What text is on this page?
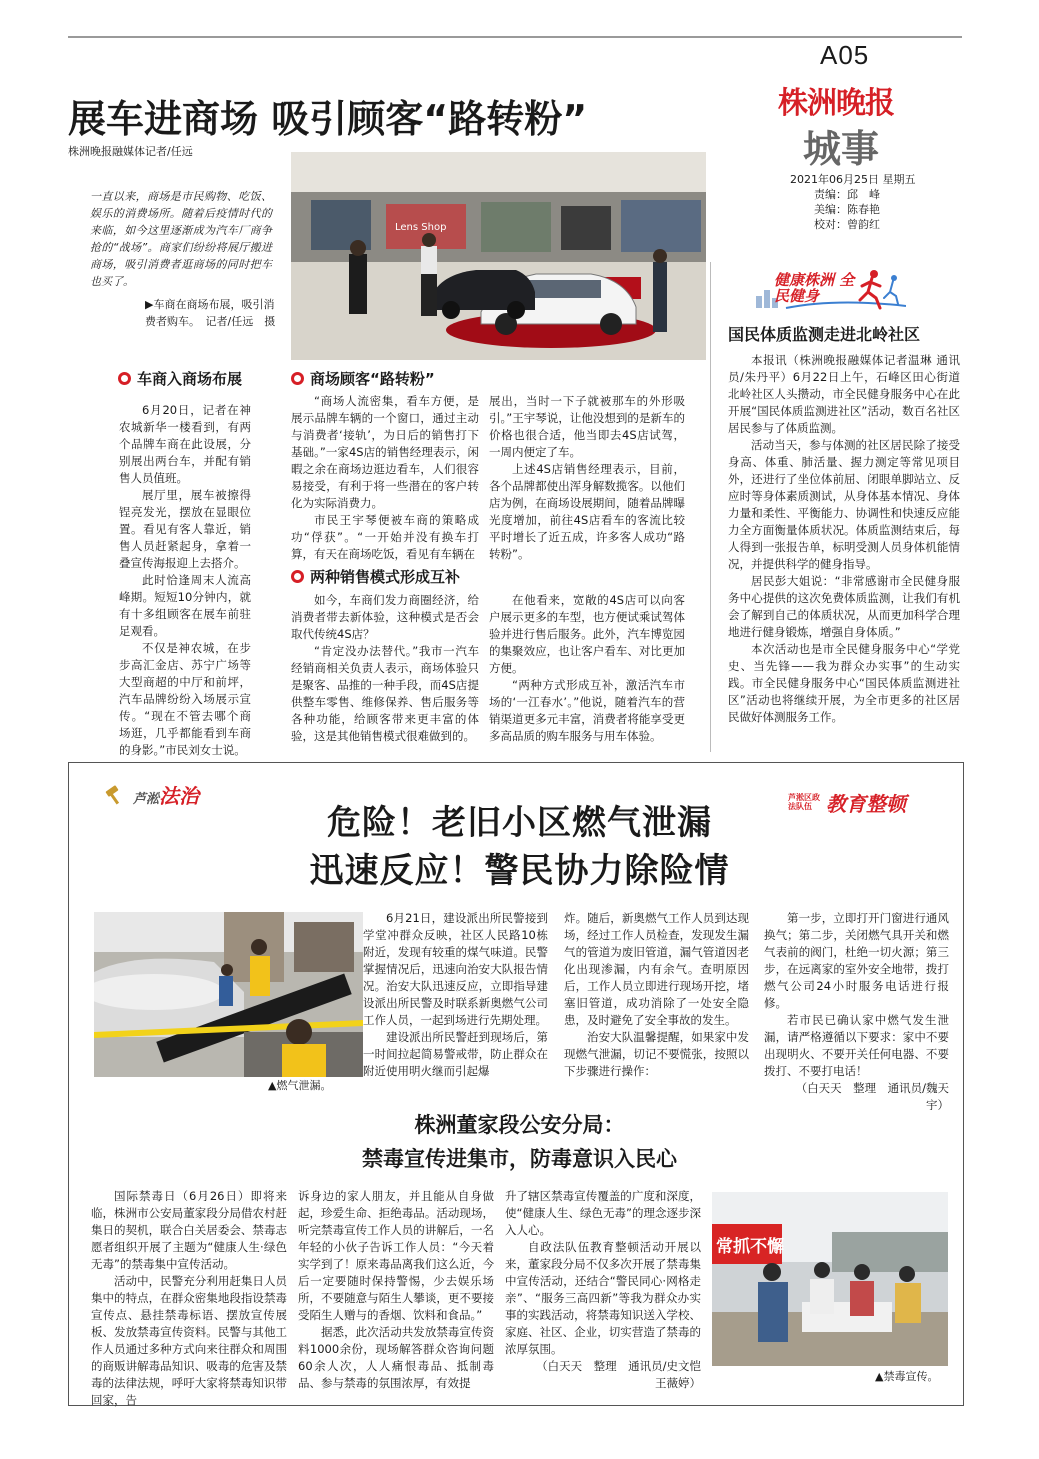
A05
株洲晚报
城事
2021年06月25日 星期五
责编：邱　峰
美编：陈春艳
校对：曾韵红
展车进商场 吸引顾客“路转粉”
株洲晚报融媒体记者/任远
一直以来，商场是市民购物、吃饭、娱乐的消费场所。随着后疫情时代的来临，如今这里逐渐成为汽车厂商争抢的“战场”。商家们纷纷将展厅搬进商场，吸引消费者逛商场的同时把车也买了。
Lens Shop
▶车商在商场布展，吸引消费者购车。　记者/任远　摄
车商入商场布展

6月20日，记者在神农城新华一楼看到，有两个品牌车商在此设展，分别展出两台车，并配有销售人员值班。

展厅里，展车被擦得锃亮发光，摆放在显眼位置。看见有客人靠近，销售人员赶紧起身，拿着一叠宣传海报迎上去搭介。

此时恰逢周末人流高峰期。短短10分钟内，就有十多组顾客在展车前驻足观看。

不仅是神农城，在步步高汇金店、苏宁广场等大型商超的中厅和前坪，汽车品牌纷纷入场展示宣传。“现在不管去哪个商场逛，几乎都能看到车商的身影。”市民刘女士说。

商场顾客“路转粉”

“商场人流密集，看车方便，是展示品牌车辆的一个窗口，通过主动与消费者‘接轨’，为日后的销售打下基础。”一家4S店的销售经理表示，闲暇之余在商场边逛边看车，人们很容易接受，有利于将一些潜在的客户转化为实际消费力。

市民王宇琴便被车商的策略成功“俘获”。“一开始并没有换车打算，有天在商场吃饭，看见有车辆在

展出，当时一下子就被那车的外形吸引。”王宇琴说，让他没想到的是新车的价格也很合适，他当即去4S店试驾，一周内便定了车。

上述4S店销售经理表示，目前，各个品牌都使出浑身解数揽客。以他们店为例，在商场设展期间，随着品牌曝光度增加，前往4S店看车的客流比较平时增长了近五成，许多客人成功“路转粉”。

两种销售模式形成互补

如今，车商们发力商圈经济，给消费者带去新体验，这种模式是否会取代传统4S店？

“肯定没办法替代。”我市一汽车经销商相关负责人表示，商场体验只是聚客、品推的一种手段，而4S店提供整车零售、维修保养、售后服务等各种功能，给顾客带来更丰富的体验，这是其他销售模式很难做到的。

在他看来，宽敞的4S店可以向客户展示更多的车型，也方便试乘试驾体验并进行售后服务。此外，汽车博览园的集聚效应，也让客户看车、对比更加方便。

“两种方式形成互补，激活汽车市场的‘一江春水’。”他说，随着汽车的营销渠道更多元丰富，消费者将能享受更多高品质的购车服务与用车体验。

健康株洲 全民健身
国民体质监测走进北岭社区

本报讯（株洲晚报融媒体记者温琳 通讯员/朱丹平）6月22日上午，石峰区田心街道北岭社区人头攒动，市全民健身服务中心在此开展“国民体质监测进社区”活动，数百名社区居民参与了体质监测。

活动当天，参与体测的社区居民除了接受身高、体重、肺活量、握力测定等常见项目外，还进行了坐位体前屈、闭眼单脚站立、反应时等身体素质测试，从身体基本情况、身体力量和柔性、平衡能力、协调性和快速反应能力全方面衡量体质状况。体质监测结束后，每人得到一张报告单，标明受测人员身体机能情况，并提供科学的健身指导。

居民彭大姐说：“非常感谢市全民健身服务中心提供的这次免费体质监测，让我们有机会了解到自己的体质状况，从而更加科学合理地进行健身锻炼，增强自身体质。”

本次活动也是市全民健身服务中心“学党史、当先锋——我为群众办实事”的生动实践。市全民健身服务中心“国民体质监测进社区”活动也将继续开展，为全市更多的社区居民做好体测服务工作。

芦淞法治	芦淞区政法队伍 教育整顿
危险！老旧小区燃气泄漏
迅速反应！警民协力除险情
▲燃气泄漏。

6月21日，建设派出所民警接到学堂冲群众反映，社区人民路10栋附近，发现有较重的煤气味道。民警掌握情况后，迅速向治安大队报告情况。治安大队迅速反应，立即指导建设派出所民警及时联系新奥燃气公司工作人员，一起到场进行先期处理。

建设派出所民警赶到现场后，第一时间拉起简易警戒带，防止群众在附近使用明火继而引起爆

炸。随后，新奥燃气工作人员到达现场，经过工作人员检查，发现发生漏气的管道为废旧管道，漏气管道因老化出现渗漏，内有余气。查明原因后，工作人员立即进行现场开挖，堵塞旧管道，成功消除了一处安全隐患，及时避免了安全事故的发生。

治安大队温馨提醒，如果家中发现燃气泄漏，切记不要慌张，按照以下步骤进行操作：

第一步，立即打开门窗进行通风换气；第二步，关闭燃气具开关和燃气表前的阀门，杜绝一切火源；第三步，在远离家的室外安全地带，拨打燃气公司24小时服务电话进行报修。

若市民已确认家中燃气发生泄漏，请严格遵循以下要求：家中不要出现明火、不要开关任何电器、不要拨打、不要打电话！

（白天天　整理　通讯员/魏天宇）

株洲董家段公安分局：
禁毒宣传进集市，防毒意识入民心

国际禁毒日（6月26日）即将来临，株洲市公安局董家段分局借农村赶集日的契机，联合白关居委会、禁毒志愿者组织开展了主题为“健康人生·绿色无毒”的禁毒集中宣传活动。

活动中，民警充分利用赶集日人员集中的特点，在群众密集地段指设禁毒宣传点、悬挂禁毒标语、摆放宣传展板、发放禁毒宣传资料。民警与其他工作人员通过多种方式向来往群众和周围的商贩讲解毒品知识、吸毒的危害及禁毒的法律法规，呼吁大家将禁毒知识带回家，告

诉身边的家人朋友，并且能从自身做起，珍爱生命、拒绝毒品。活动现场，听完禁毒宣传工作人员的讲解后，一名年轻的小伙子告诉工作人员：“今天着实学到了！原来毒品离我们这么近，今后一定要随时保持警惕，少去娱乐场所，不要随意与陌生人攀谈，更不要接受陌生人赠与的香烟、饮料和食品。”

据悉，此次活动共发放禁毒宣传资料1000余份，现场解答群众咨询问题60余人次，人人痛恨毒品、抵制毒品、参与禁毒的氛围浓厚，有效提

升了辖区禁毒宣传覆盖的广度和深度，使“健康人生、绿色无毒”的理念逐步深入人心。

自政法队伍教育整顿活动开展以来，董家段分局不仅多次开展了禁毒集中宣传活动，还结合“警民同心·网格走亲”、“服务三高四新”等我为群众办实事的实践活动，将禁毒知识送入学校、家庭、社区、企业，切实营造了禁毒的浓厚氛围。

（白天天　整理　通讯员/史文恺　王薇婷）

常抓不懈
▲禁毒宣传。
